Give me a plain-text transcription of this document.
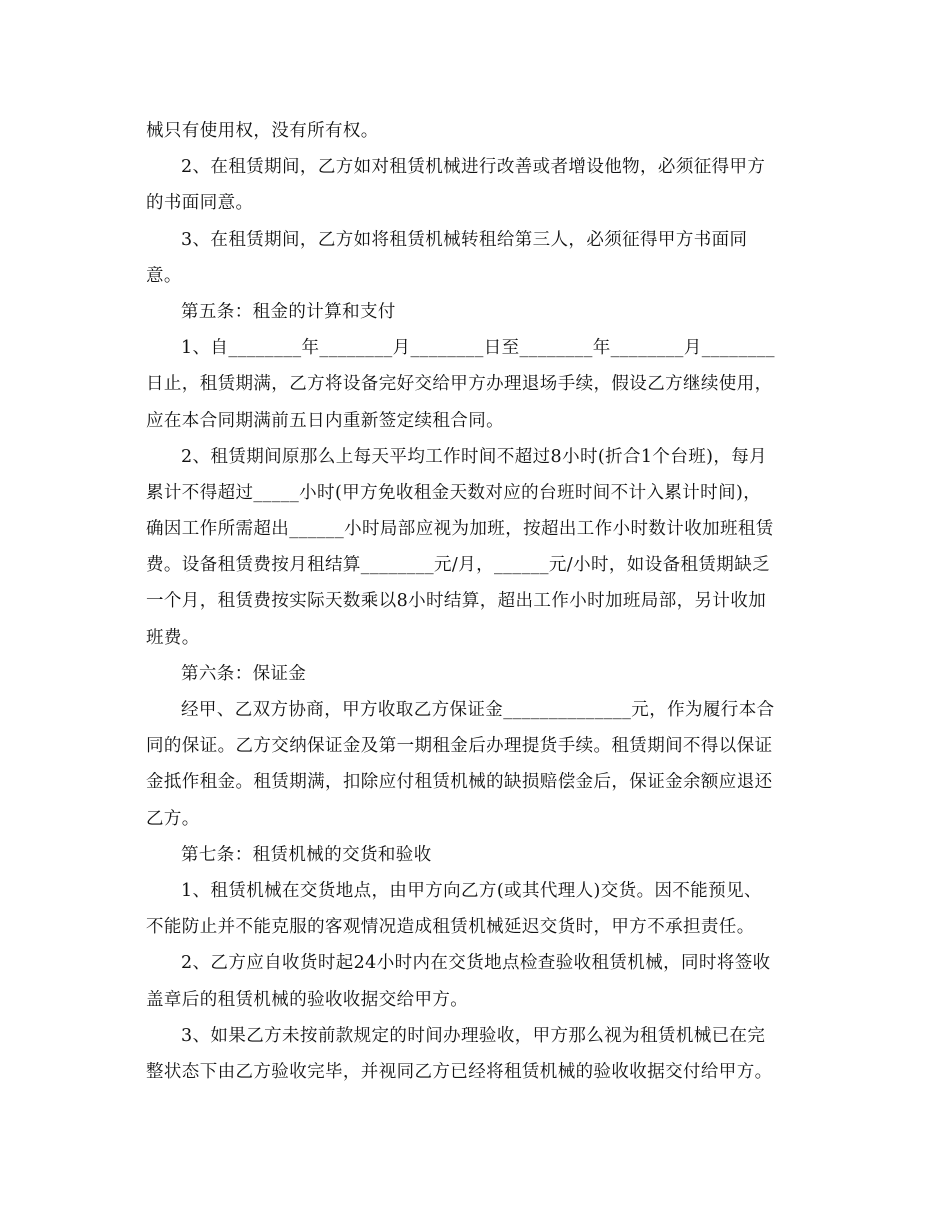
械只有使用权，没有所有权。
2、在租赁期间，乙方如对租赁机械进行改善或者增设他物，必须征得甲方
的书面同意。
3、在租赁期间，乙方如将租赁机械转租给第三人，必须征得甲方书面同
意。
第五条：租金的计算和支付
1、自________年________月________日至________年________月________
日止，租赁期满，乙方将设备完好交给甲方办理退场手续，假设乙方继续使用，
应在本合同期满前五日内重新签定续租合同。
2、租赁期间原那么上每天平均工作时间不超过8小时(折合1个台班)，每月
累计不得超过_____小时(甲方免收租金天数对应的台班时间不计入累计时间)，
确因工作所需超出______小时局部应视为加班，按超出工作小时数计收加班租赁
费。设备租赁费按月租结算________元/月，______元/小时，如设备租赁期缺乏
一个月，租赁费按实际天数乘以8小时结算，超出工作小时加班局部，另计收加
班费。
第六条：保证金
经甲、乙双方协商，甲方收取乙方保证金______________元，作为履行本合
同的保证。乙方交纳保证金及第一期租金后办理提货手续。租赁期间不得以保证
金抵作租金。租赁期满，扣除应付租赁机械的缺损赔偿金后，保证金余额应退还
乙方。
第七条：租赁机械的交货和验收
1、租赁机械在交货地点，由甲方向乙方(或其代理人)交货。因不能预见、
不能防止并不能克服的客观情况造成租赁机械延迟交货时，甲方不承担责任。
2、乙方应自收货时起24小时内在交货地点检查验收租赁机械，同时将签收
盖章后的租赁机械的验收收据交给甲方。
3、如果乙方未按前款规定的时间办理验收，甲方那么视为租赁机械已在完
整状态下由乙方验收完毕，并视同乙方已经将租赁机械的验收收据交付给甲方。
